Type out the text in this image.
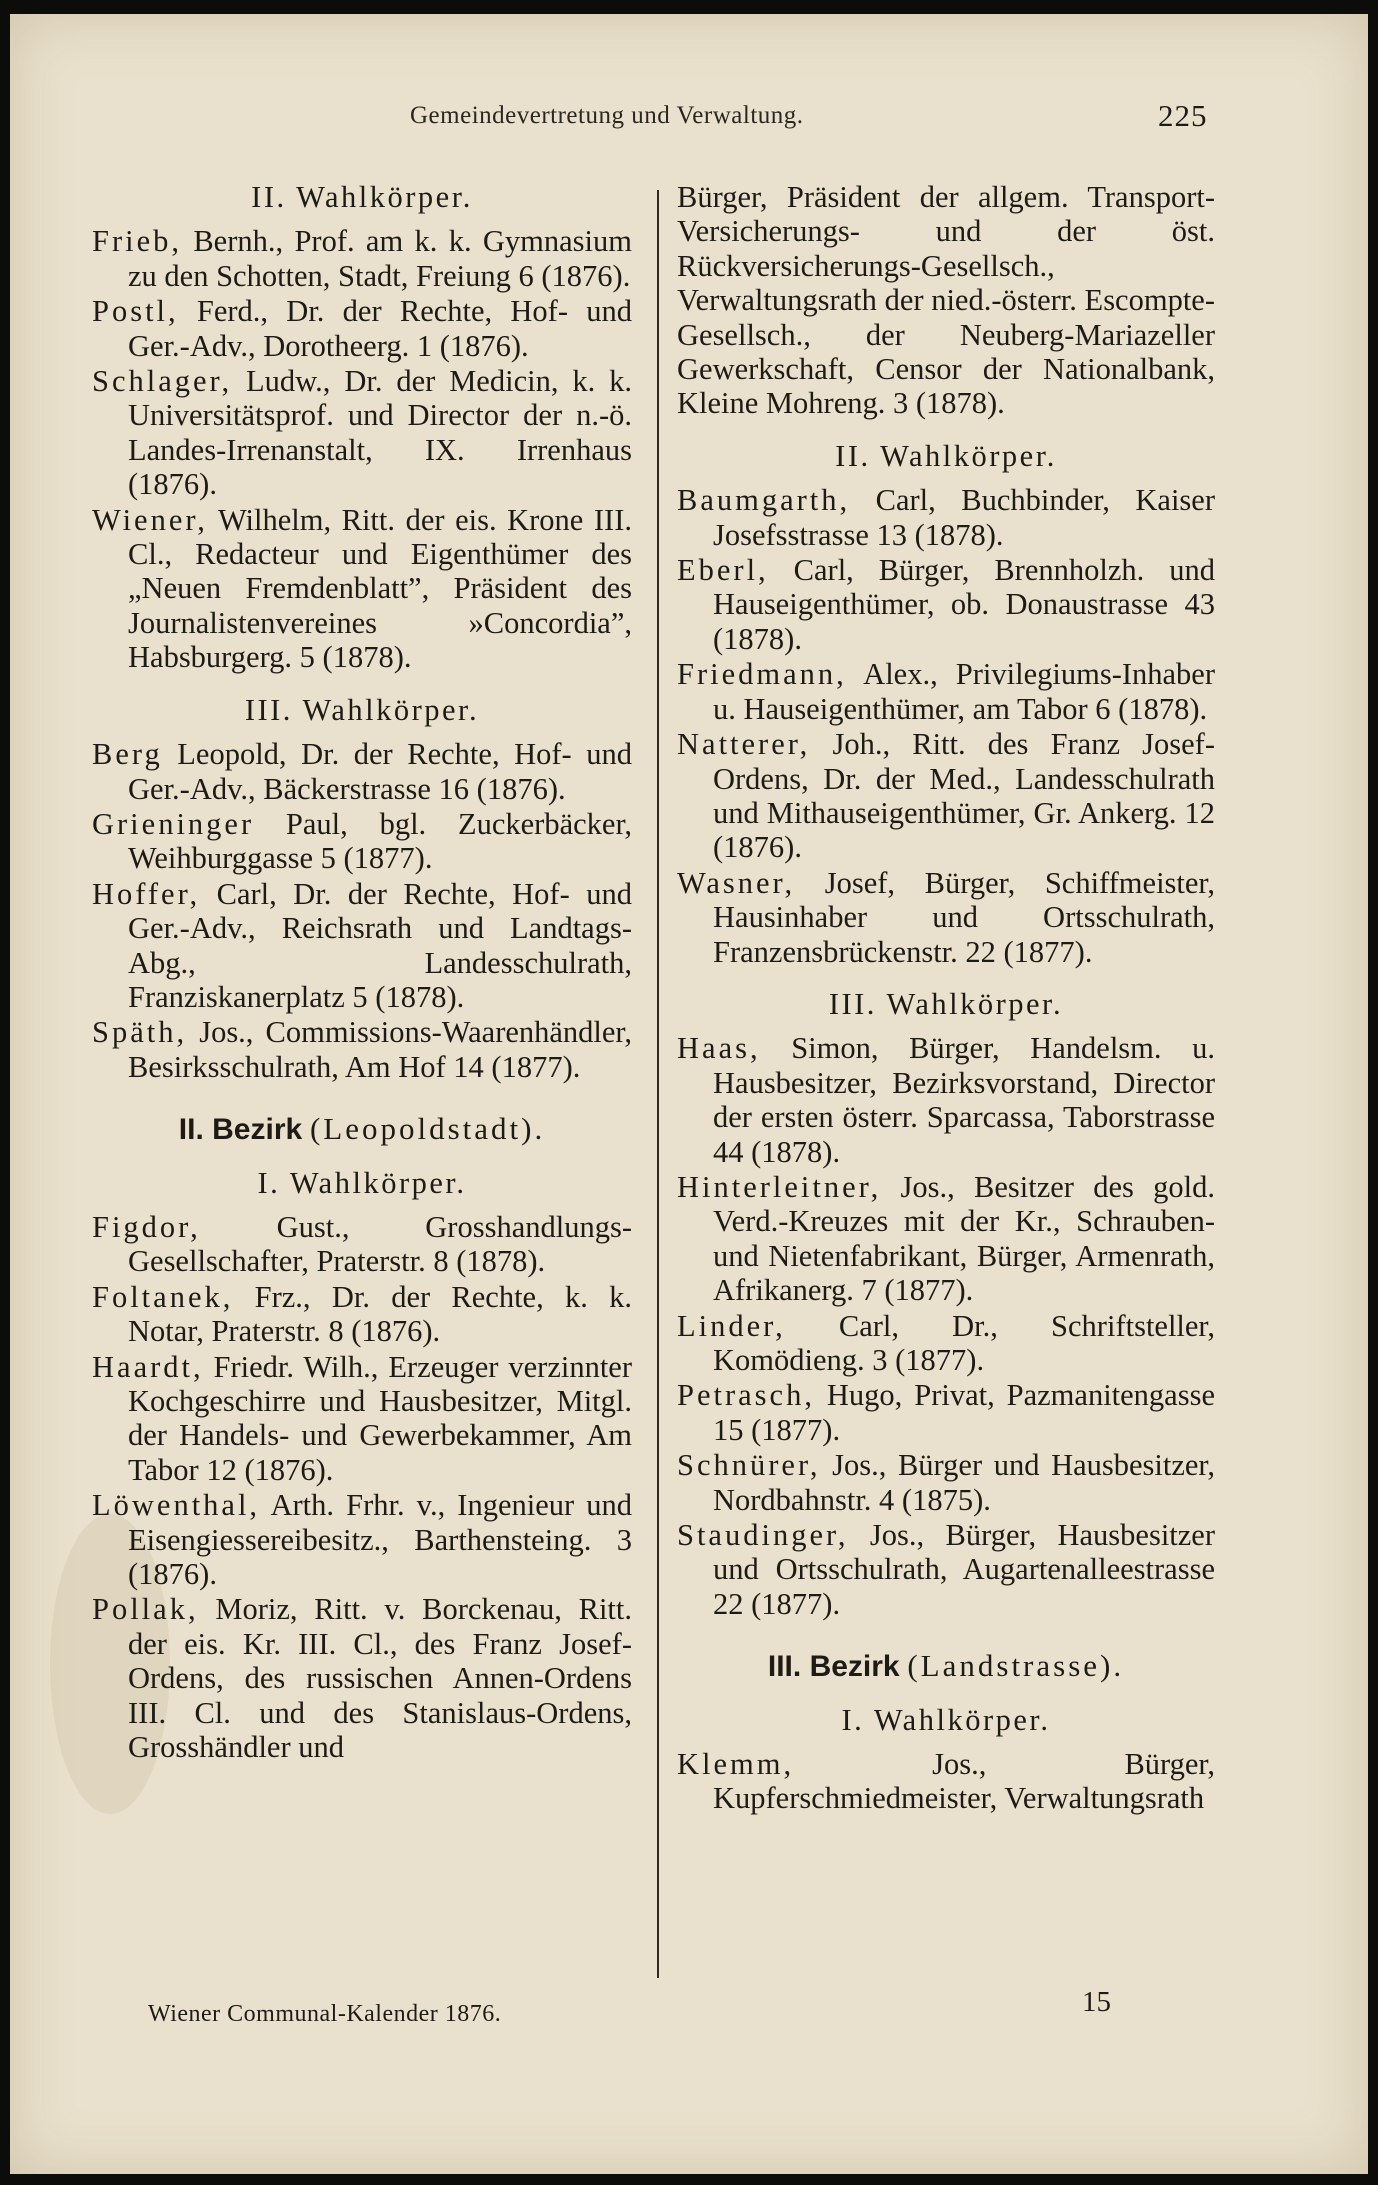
Gemeindevertretung und Verwaltung.	225
II. Wahlkörper.

Frieb, Bernh., Prof. am k. k. Gymnasium zu den Schotten, Stadt, Freiung 6 (1876).

Postl, Ferd., Dr. der Rechte, Hof- und Ger.-Adv., Dorotheerg. 1 (1876).

Schlager, Ludw., Dr. der Medicin, k. k. Universitätsprof. und Director der n.-ö. Landes-Irrenanstalt, IX. Irrenhaus (1876).

Wiener, Wilhelm, Ritt. der eis. Krone III. Cl., Redacteur und Eigenthümer des „Neuen Fremdenblatt”, Präsident des Journalistenvereines »Concordia”, Habsburgerg. 5 (1878).

III. Wahlkörper.

Berg Leopold, Dr. der Rechte, Hof- und Ger.-Adv., Bäckerstrasse 16 (1876).

Grieninger Paul, bgl. Zuckerbäcker, Weihburggasse 5 (1877).

Hoffer, Carl, Dr. der Rechte, Hof- und Ger.-Adv., Reichsrath und Landtags-Abg., Landesschulrath, Franziskanerplatz 5 (1878).

Späth, Jos., Commissions-Waarenhändler, Besirksschulrath, Am Hof 14 (1877).

II. Bezirk (Leopoldstadt).
I. Wahlkörper.

Figdor, Gust., Grosshandlungs-Gesellschafter, Praterstr. 8 (1878).

Foltanek, Frz., Dr. der Rechte, k. k. Notar, Praterstr. 8 (1876).

Haardt, Friedr. Wilh., Erzeuger verzinnter Kochgeschirre und Hausbesitzer, Mitgl. der Handels- und Gewerbekammer, Am Tabor 12 (1876).

Löwenthal, Arth. Frhr. v., Ingenieur und Eisengiessereibesitz., Barthensteing. 3 (1876).

Pollak, Moriz, Ritt. v. Borckenau, Ritt. der eis. Kr. III. Cl., des Franz Josef-Ordens, des russischen Annen-Ordens III. Cl. und des Stanislaus-Ordens, Grosshändler und

Bürger, Präsident der allgem. Transport-Versicherungs- und der öst. Rückversicherungs-Gesellsch., Verwaltungsrath der nied.-österr. Escompte-Gesellsch., der Neuberg-Mariazeller Gewerkschaft, Censor der Nationalbank, Kleine Mohreng. 3 (1878).

II. Wahlkörper.

Baumgarth, Carl, Buchbinder, Kaiser Josefsstrasse 13 (1878).

Eberl, Carl, Bürger, Brennholzh. und Hauseigenthümer, ob. Donaustrasse 43 (1878).

Friedmann, Alex., Privilegiums-Inhaber u. Hauseigenthümer, am Tabor 6 (1878).

Natterer, Joh., Ritt. des Franz Josef-Ordens, Dr. der Med., Landesschulrath und Mithauseigenthümer, Gr. Ankerg. 12 (1876).

Wasner, Josef, Bürger, Schiffmeister, Hausinhaber und Ortsschulrath, Franzensbrückenstr. 22 (1877).

III. Wahlkörper.

Haas, Simon, Bürger, Handelsm. u. Hausbesitzer, Bezirksvorstand, Director der ersten österr. Sparcassa, Taborstrasse 44 (1878).

Hinterleitner, Jos., Besitzer des gold. Verd.-Kreuzes mit der Kr., Schrauben- und Nietenfabrikant, Bürger, Armenrath, Afrikanerg. 7 (1877).

Linder, Carl, Dr., Schriftsteller, Komödieng. 3 (1877).

Petrasch, Hugo, Privat, Pazmanitengasse 15 (1877).

Schnürer, Jos., Bürger und Hausbesitzer, Nordbahnstr. 4 (1875).

Staudinger, Jos., Bürger, Hausbesitzer und Ortsschulrath, Augartenalleestrasse 22 (1877).

III. Bezirk (Landstrasse).
I. Wahlkörper.

Klemm, Jos., Bürger, Kupferschmiedmeister, Verwaltungsrath

Wiener Communal-Kalender 1876.	15
